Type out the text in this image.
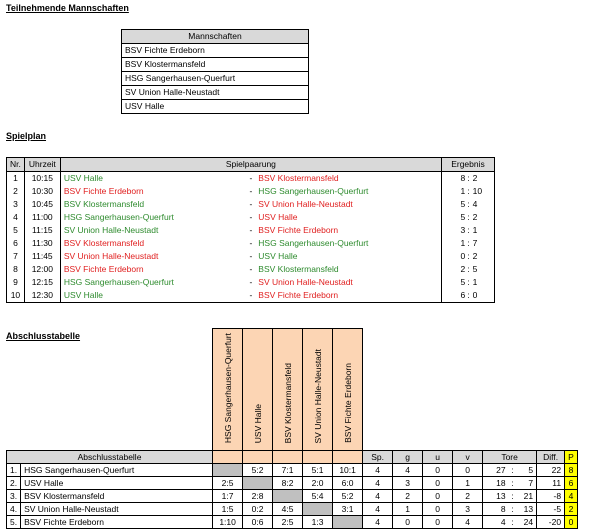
Teilnehmende Mannschaften
Mannschaften
BSV Fichte Erdeborn
BSV Klostermansfeld
HSG Sangerhausen-Querfurt
SV Union Halle-Neustadt
USV Halle
Spielplan
Nr.	Uhrzeit	Spielpaarung			Ergebnis		
1	10:15	USV Halle	-	BSV Klostermansfeld	8	:	2
2	10:30	BSV Fichte Erdeborn	-	HSG Sangerhausen-Querfurt	1	:	10
3	10:45	BSV Klostermansfeld	-	SV Union Halle-Neustadt	5	:	4
4	11:00	HSG Sangerhausen-Querfurt	-	USV Halle	5	:	2
5	11:15	SV Union Halle-Neustadt	-	BSV Fichte Erdeborn	3	:	1
6	11:30	BSV Klostermansfeld	-	HSG Sangerhausen-Querfurt	1	:	7
7	11:45	SV Union Halle-Neustadt	-	USV Halle	0	:	2
8	12:00	BSV Fichte Erdeborn	-	BSV Klostermansfeld	2	:	5
9	12:15	HSG Sangerhausen-Querfurt	-	SV Union Halle-Neustadt	5	:	1
10	12:30	USV Halle	-	BSV Fichte Erdeborn	6	:	0
Abschlusstabelle
		HSG Sangerhausen-Querfurt	USV Halle	BSV Klostermansfeld	SV Union Halle-Neustadt	BSV Fichte Erdeborn									
Abschlusstabelle							Sp.	g	u	v	Tore			Diff.	P
1.	HSG Sangerhausen-Querfurt		5:2	7:1	5:1	10:1	4	4	0	0	27	:	5	22	8
2.	USV Halle	2:5		8:2	2:0	6:0	4	3	0	1	18	:	7	11	6
3.	BSV Klostermansfeld	1:7	2:8		5:4	5:2	4	2	0	2	13	:	21	-8	4
4.	SV Union Halle-Neustadt	1:5	0:2	4:5		3:1	4	1	0	3	8	:	13	-5	2
5.	BSV Fichte Erdeborn	1:10	0:6	2:5	1:3		4	0	0	4	4	:	24	-20	0
